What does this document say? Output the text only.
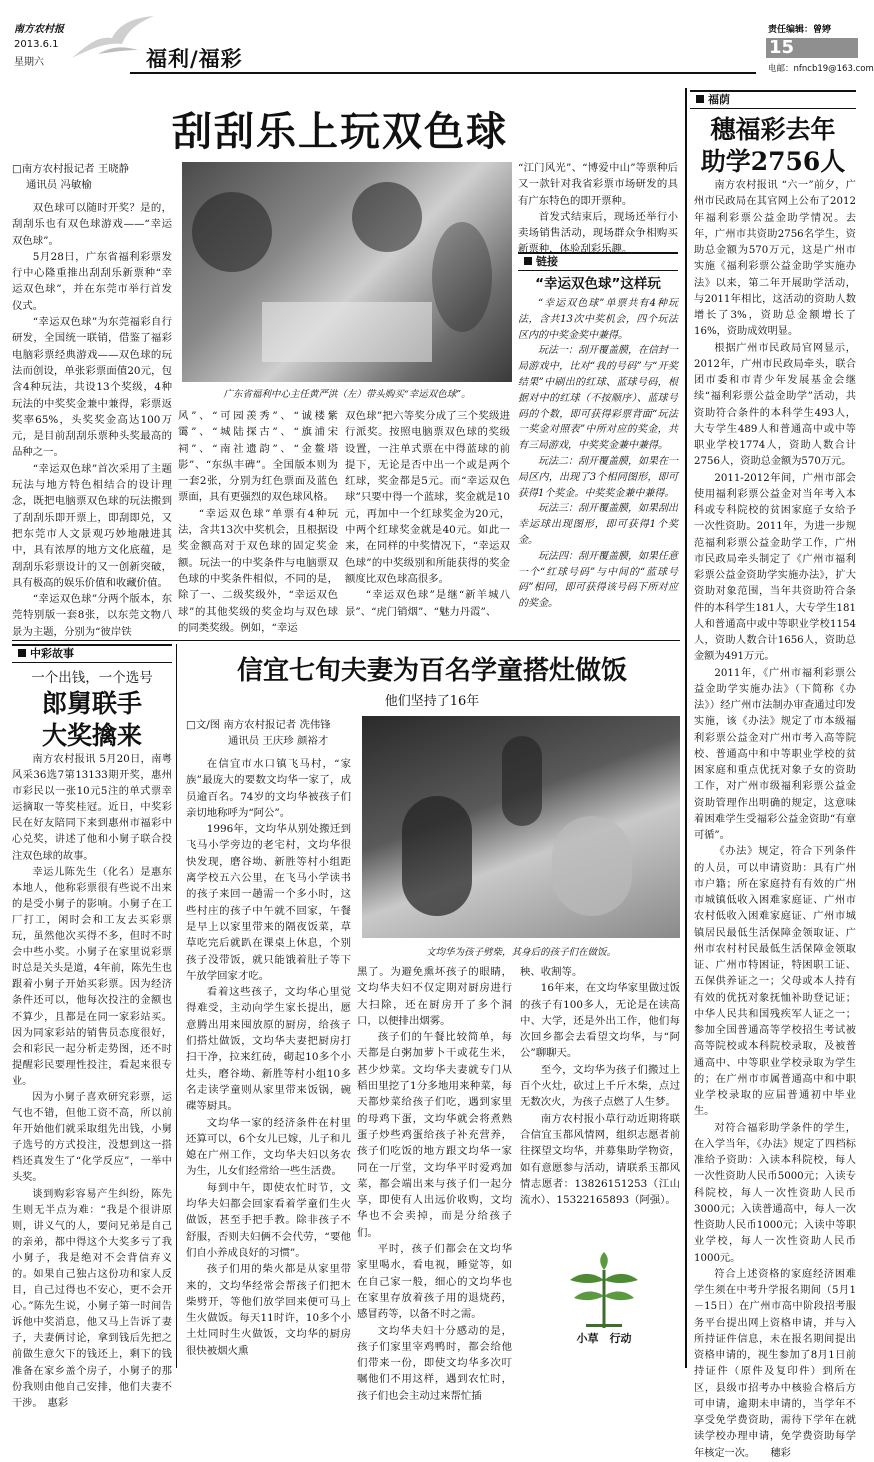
南方农村报
2013.6.1
星期六	福利/福彩
责任编辑：曾婷
15
电邮：nfncb19@163.com
刮刮乐上玩双色球
□南方农村报记者 王晓静
通讯员 冯敏榆

双色球可以随时开奖？是的，刮刮乐也有双色球游戏——“幸运双色球”。

5月28日，广东省福利彩票发行中心隆重推出刮刮乐新票种“幸运双色球”，并在东莞市举行首发仪式。

“幸运双色球”为东莞福彩自行研发，全国统一联销，借鉴了福彩电脑彩票经典游戏——双色球的玩法而创设，单张彩票面值20元，包含4种玩法，共设13个奖级，4种玩法的中奖奖金兼中兼得，彩票返奖率65%，头奖奖金高达100万元，是目前刮刮乐票种头奖最高的品种之一。

“幸运双色球”首次采用了主题玩法与地方特色相结合的设计理念，既把电脑票双色球的玩法搬到了刮刮乐即开票上，即刮即兑，又把东莞市人文景观巧妙地融进其中，具有浓厚的地方文化底蕴，是刮刮乐彩票设计的又一创新突破，具有极高的娱乐价值和收藏价值。

“幸运双色球”分两个版本，东莞特别版一套8张，以东莞文物八景为主题，分别为“彼岸铁

广东省福利中心主任黄严洪（左）带头购买“幸运双色球”。

风”、“可园羡秀”、“诚楼紫霭”、“城陆探古”、“旗浦宋祠”、“南社遗韵”、“金鳌塔影”、“东纵丰碑”。全国版本则为一套2张，分别为红色票面及蓝色票面，具有更强烈的双色球风格。

“幸运双色球”单票有4种玩法，含共13次中奖机会，且根据设奖金额高对于双色球的固定奖金额。玩法一的中奖条件与电脑票双色球的中奖条件相似，不同的是，除了一、二级奖级外，“幸运双色球”的其他奖级的奖金均与双色球的同类奖级。例如，“幸运

双色球”把六等奖分成了三个奖级进行派奖。按照电脑票双色球的奖级设置，一注单式票在中得蓝球的前提下，无论是否中出一个或是两个红球，奖金都是5元。而“幸运双色球”只要中得一个蓝球，奖金就是10元，再加中一个红球奖金为20元，中两个红球奖金就是40元。如此一来，在同样的中奖情况下，“幸运双色球”的中奖级别和所能获得的奖金额度比双色球高很多。

“幸运双色球”是继“新羊城八景”、“虎门销烟”、“魅力丹霞”、

“江门风光”、“博爱中山”等票种后又一款针对我省彩票市场研发的具有广东特色的即开票种。

首发式结束后，现场还举行小卖场销售活动，现场群众争相购买新票种，体验刮彩乐趣。

链接
“幸运双色球”这样玩

“幸运双色球”单票共有4种玩法，含共13次中奖机会，四个玩法区内的中奖金奖中兼得。

玩法一：刮开覆盖膜，在信封一局游戏中，比对“我的号码”与“开奖结果”中刷出的红球、蓝球号码，根据对中的红球（不按顺序）、蓝球号码的个数，即可获得彩票背面“玩法一奖金对照表”中所对应的奖金，共有三局游戏，中奖奖金兼中兼得。

玩法二：刮开覆盖膜，如果在一局区内，出现了3个相同图形，即可获得1个奖金。中奖奖金兼中兼得。

玩法三：刮开覆盖膜，如果刮出幸运球出现图形，即可获得1个奖金。

玩法四：刮开覆盖膜，如果任意一个“红球号码”与中间的“蓝球号码”相同，即可获得该号码下所对应的奖金。

福荫
穗福彩去年
助学2756人

南方农村报讯 “六一”前夕，广州市民政局在其官网上公布了2012年福利彩票公益金助学情况。去年，广州市共资助2756名学生，资助总金额为570万元，这是广州市实施《福利彩票公益金助学实施办法》以来，第二年开展助学活动，与2011年相比，这活动的资助人数增长了3%，资助总金额增长了16%，资助成效明显。

根据广州市民政局官网显示，2012年，广州市民政局牵头，联合团市委和市青少年发展基金会继续“福利彩票公益金助学”活动，共资助符合条件的本科学生493人，大专学生489人和普通高中或中等职业学校1774人，资助人数合计2756人，资助总金额为570万元。

2011-2012年间，广州市部会使用福利彩票公益金对当年考入本科或专科院校的贫困家庭子女给予一次性资助。2011年，为进一步规范福利彩票公益金助学工作，广州市民政局牵头制定了《广州市福利彩票公益金资助学实施办法》，扩大资助对象范围，当年共资助符合条件的本科学生181人，大专学生181人和普通高中或中等职业学校1154人，资助人数合计1656人，资助总金额为491万元。

2011年，《广州市福利彩票公益金助学实施办法》（下简称《办法》）经广州市法制办审查通过印发实施，该《办法》规定了市本级福利彩票公益金对广州市考入高等院校、普通高中和中等职业学校的贫困家庭和重点优抚对象子女的资助工作，对广州市级福利彩票公益金资助管理作出明确的规定，这意味着困难学生受福彩公益金资助“有章可循”。

《办法》规定，符合下列条件的人员，可以申请资助：具有广州市户籍；所在家庭持有有效的广州市城镇低收入困难家庭证、广州市农村低收入困难家庭证、广州市城镇居民最低生活保障金领取证、广州市农村村民最低生活保障金领取证、广州市特困证，特困职工证、五保供养证之一；父母或本人持有有效的优抚对象抚恤补助登记证；中华人民共和国残疾军人证之一；参加全国普通高等学校招生考试被高等院校或本科院校录取，及被普通高中、中等职业学校录取为学生的；在广州市市属普通高中和中职业学校录取的应届普通初中毕业生。

对符合福彩助学条件的学生，在入学当年，《办法》规定了四档标准给予资助：入读本科院校，每人一次性资助人民币5000元；入读专科院校，每人一次性资助人民币3000元；入读普通高中，每人一次性资助人民币1000元；入读中等职业学校，每人一次性资助人民币1000元。

符合上述资格的家庭经济困难学生须在中考升学报名期间（5月1－15日）在广州市高中阶段招考服务平台提出网上资格申请，并与入所持证件信息，未在报名期间提出资格申请的，视生参加了8月1日前持证件（原件及复印件）到所在区，县级市招考办中核验合格后方可申请，逾期未申请的，当学年不享受免学费资助，需待下学年在就读学校办理申请，免学费资助每学年核定一次。　　穗彩

中彩故事
一个出钱，一个选号
郎舅联手
大奖擒来

南方农村报讯 5月20日，南粤风采36选7第13133期开奖，惠州市彩民以一张10元5注的单式票幸运摘取一等奖桂冠。近日，中奖彩民在好友陪同下来到惠州市福彩中心兑奖，讲述了他和小舅子联合投注双色球的故事。

幸运儿陈先生（化名）是惠东本地人，他称彩票很有些说不出来的是受小舅子的影响。小舅子在工厂打工，闲时会和工友去买彩票玩，虽然他次买得不多，但时不时会中些小奖。小舅子在家里说彩票时总是关头是道，4年前，陈先生也跟着小舅子开始买彩票。因为经济条件还可以，他每次投注的金额也不算少，且都是在同一家彩站买。因为同家彩站的销售员态度很好，会和彩民一起分析走势图，还不时提醒彩民要理性投注，看起来很专业。

因为小舅子喜欢研究彩票，运气也不错，但他工资不高，所以前年开始他们就采取组先出钱，小舅子选号的方式投注，没想到这一搭档还真发生了“化学反应”，一举中头奖。

谈到购彩容易产生纠纷，陈先生则无半点为难：“我是个很讲原则，讲义气的人，要问兄弟是自己的亲弟，都中得这个大奖多亏了我小舅子，我是绝对不会背信弃义的。如果自己独占这份功和家人反目，自己过得也不安心，更不会开心。”陈先生说，小舅子第一时间告诉他中奖消息，他又马上告诉了妻子，夫妻俩讨论，拿到钱后先把之前做生意欠下的钱还上，剩下的钱准备在家乡盖个房子，小舅子的那份我则由他自己安排，他们夫妻不干涉。　惠彩

信宜七旬夫妻为百名学童搭灶做饭
他们坚持了16年
□文/图 南方农村报记者 冼伟锋
通讯员 王庆珍 颜裕才

在信宜市水口镇飞马村，“家族”最庞大的要数文均华一家了，成员逾百名。74岁的文均华被孩子们亲切地称呼为“阿公”。

1996年，文均华从别处搬迁到飞马小学旁边的老宅村，文均华很快发现，磨谷坳、新胜等村小组距离学校五六公里，在飞马小学读书的孩子来回一趟需一个多小时，这些村庄的孩子中午就不回家，午餐是早上以家里带来的隔夜饭菜，草草吃完后就趴在课桌上休息，个别孩子没带饭，就只能饿着肚子等下午放学回家才吃。

看着这些孩子，文均华心里觉得难受，主动向学生家长提出，愿意腾出用来囤放原的厨房，给孩子们搭灶做饭，文均华夫妻把厨房打扫干净，拉来红砖，砌起10多个小灶头，磨谷坳、新胜等村小组10多名走读学童则从家里带来饭锅，碗碟等厨具。

文均华一家的经济条件在村里还算可以，6个女儿已嫁，儿子和儿媳在广州工作，文均华夫妇以务农为生，儿女们经常给一些生活费。

每到中午，即使农忙时节，文均华夫妇都会回家看着学童们生火做饭，甚至手把手教。除非孩子不舒服，否则夫妇俩不会代劳，“要他们自小养成良好的习惯”。

孩子们用的柴火都是从家里带来的，文均华经常会帮孩子们把木柴劈开，等他们放学回来便可马上生火做饭。每天11时许，10多个小土灶同时生火做饭，文均华的厨房很快被烟火熏

文均华为孩子劈柴，其身后的孩子们在做饭。

黑了。为避免熏坏孩子的眼睛，文均华夫妇不仅定期对厨房进行大扫除，还在厨房开了多个洞口，以便排出烟雾。

孩子们的午餐比较简单，每天都是白粥加萝卜干或花生米，甚少炒菜。文均华夫妻就专门从稻田里挖了1分多地用来种菜，每天都炒菜给孩子们吃，遇到家里的母鸡下蛋，文均华就会将煮熟蛋子炒些鸡蛋给孩子补充营养，孩子们吃饭的地方跟文均华一家同在一厅堂，文均华平时爱鸡加菜，都会端出来与孩子们一起分享，即使有人出远价收购，文均华也不会卖掉，而是分给孩子们。

平时，孩子们都会在文均华家里喝水，看电视，睡觉等，如在自己家一般，细心的文均华也在家里存放着孩子用的退烧药，感冒药等，以备不时之需。

文均华夫妇十分感动的是，孩子们家里宰鸡鸭时，都会给他们带来一份，即使文均华多次叮嘱他们不用这样，遇到农忙时，孩子们也会主动过来帮忙插

秧、收割等。

16年来，在文均华家里做过饭的孩子有100多人，无论是在读高中、大学，还是外出工作，他们每次回乡都会去看望文均华，与“阿公”聊聊天。

至今，文均华为孩子们搬过上百个火灶，砍过上千斤木柴，点过无数次火，为孩子点燃了人生梦。

南方农村报小草行动近期将联合信宜玉都风情网，组织志愿者前往探望文均华，并募集助学物资，如有意愿参与活动，请联系玉都风情志愿者：13826151253（江山流水）、15322165893（阿强）。

小草　行动
